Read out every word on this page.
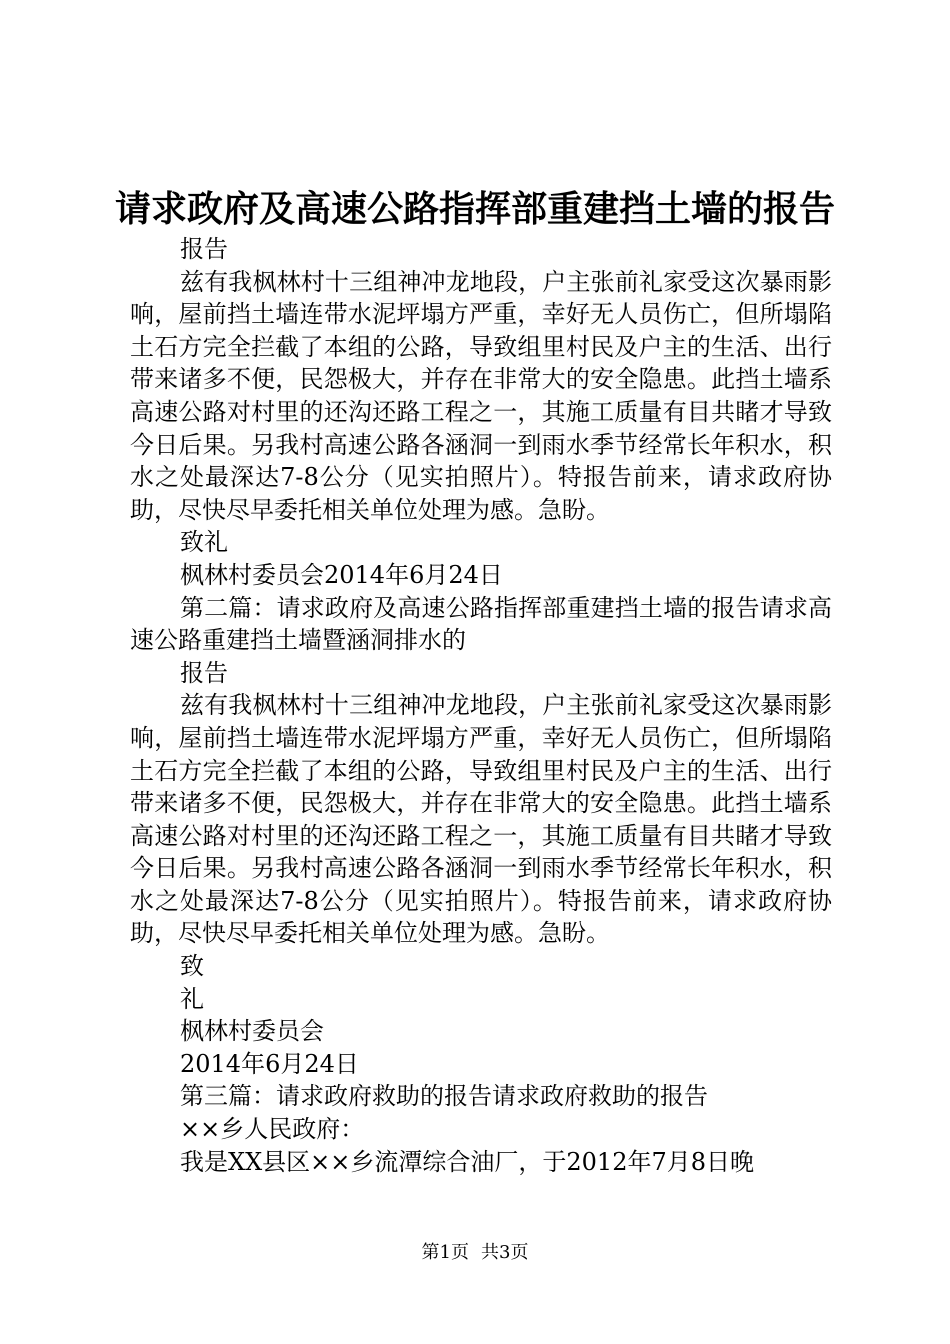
请求政府及高速公路指挥部重建挡土墙的报告

报告

兹有我枫林村十三组神冲龙地段，户主张前礼家受这次暴雨影响，屋前挡土墙连带水泥坪塌方严重，幸好无人员伤亡，但所塌陷土石方完全拦截了本组的公路，导致组里村民及户主的生活、出行带来诸多不便，民怨极大，并存在非常大的安全隐患。此挡土墙系高速公路对村里的还沟还路工程之一，其施工质量有目共睹才导致今日后果。另我村高速公路各涵洞一到雨水季节经常长年积水，积水之处最深达7-8公分（见实拍照片）。特报告前来，请求政府协助，尽快尽早委托相关单位处理为感。急盼。

致礼

枫林村委员会2014年6月24日

第二篇：请求政府及高速公路指挥部重建挡土墙的报告请求高速公路重建挡土墙暨涵洞排水的

报告

兹有我枫林村十三组神冲龙地段，户主张前礼家受这次暴雨影响，屋前挡土墙连带水泥坪塌方严重，幸好无人员伤亡，但所塌陷土石方完全拦截了本组的公路，导致组里村民及户主的生活、出行带来诸多不便，民怨极大，并存在非常大的安全隐患。此挡土墙系高速公路对村里的还沟还路工程之一，其施工质量有目共睹才导致今日后果。另我村高速公路各涵洞一到雨水季节经常长年积水，积水之处最深达7-8公分（见实拍照片）。特报告前来，请求政府协助，尽快尽早委托相关单位处理为感。急盼。

致

礼

枫林村委员会

2014年6月24日

第三篇：请求政府救助的报告请求政府救助的报告

××乡人民政府：

我是XX县区××乡流潭综合油厂，于2012年7月8日晚

第1页 共3页
